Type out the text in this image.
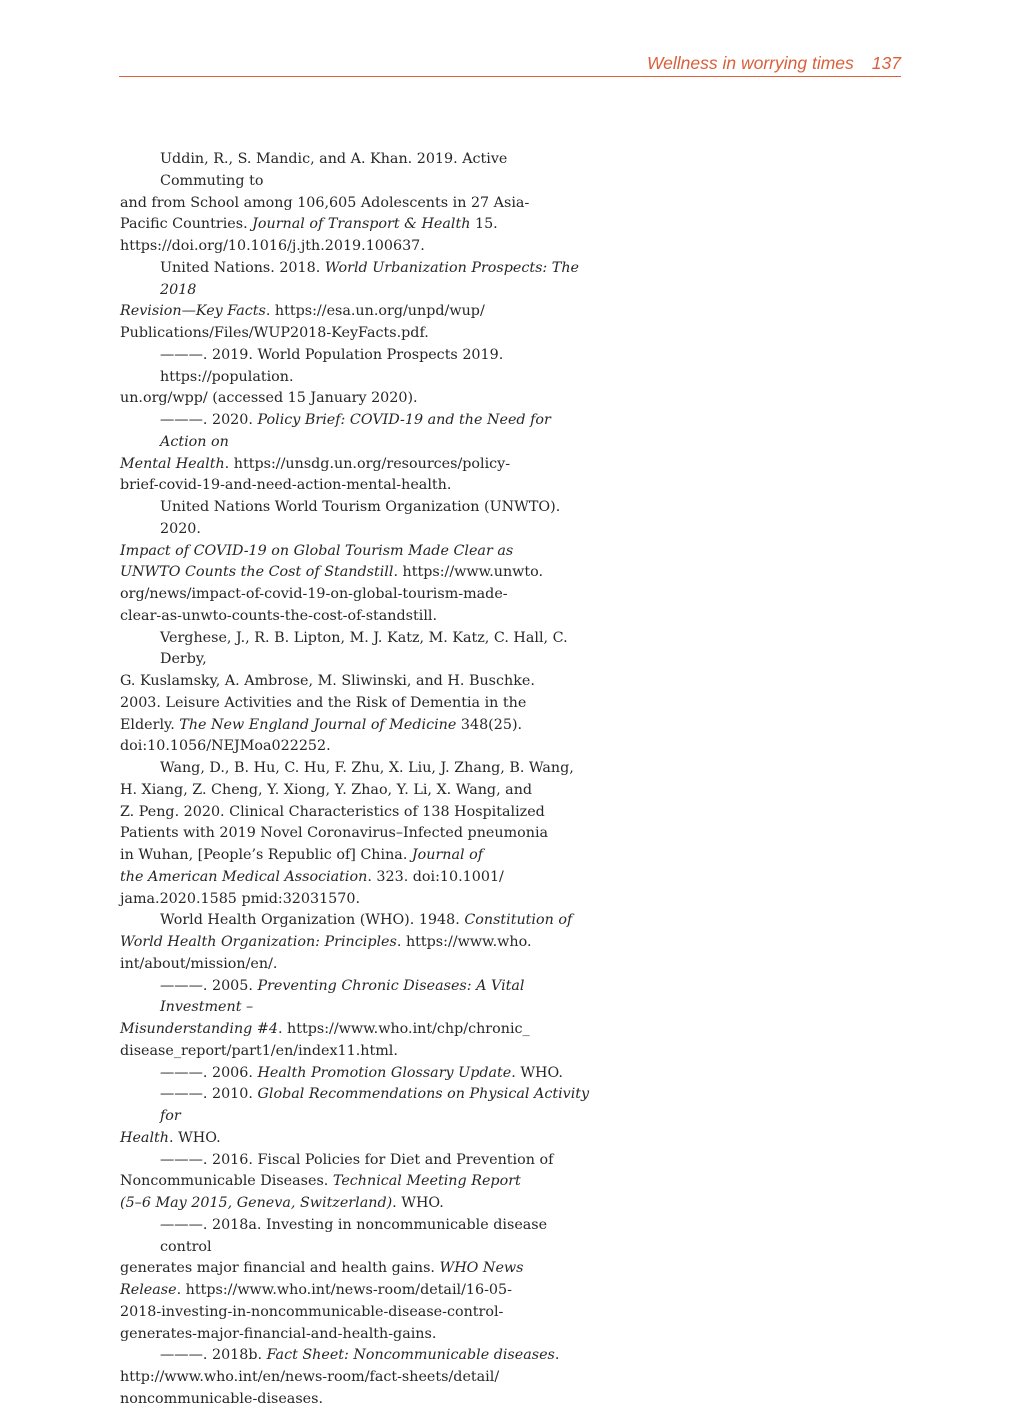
Wellness in worrying times 137
Uddin, R., S. Mandic, and A. Khan. 2019. Active Commuting to
and from School among 106,605 Adolescents in 27 Asia-
Pacific Countries. Journal of Transport & Health 15.
https://doi.org/10.1016/j.jth.2019.100637.
United Nations. 2018. World Urbanization Prospects: The 2018
Revision—Key Facts. https://esa.un.org/unpd/wup/
Publications/Files/WUP2018-KeyFacts.pdf.
———. 2019. World Population Prospects 2019. https://population.
un.org/wpp/ (accessed 15 January 2020).
———. 2020. Policy Brief: COVID-19 and the Need for Action on
Mental Health. https://unsdg.un.org/resources/policy-
brief-covid-19-and-need-action-mental-health.
United Nations World Tourism Organization (UNWTO). 2020.
Impact of COVID-19 on Global Tourism Made Clear as
UNWTO Counts the Cost of Standstill. https://www.unwto.
org/news/impact-of-covid-19-on-global-tourism-made-
clear-as-unwto-counts-the-cost-of-standstill.
Verghese, J., R. B. Lipton, M. J. Katz, M. Katz, C. Hall, C. Derby,
G. Kuslamsky, A. Ambrose, M. Sliwinski, and H. Buschke.
2003. Leisure Activities and the Risk of Dementia in the
Elderly. The New England Journal of Medicine 348(25).
doi:10.1056/NEJMoa022252.
Wang, D., B. Hu, C. Hu, F. Zhu, X. Liu, J. Zhang, B. Wang,
H. Xiang, Z. Cheng, Y. Xiong, Y. Zhao, Y. Li, X. Wang, and
Z. Peng. 2020. Clinical Characteristics of 138 Hospitalized
Patients with 2019 Novel Coronavirus–Infected pneumonia
in Wuhan, [People’s Republic of] China. Journal of
the American Medical Association. 323. doi:10.1001/
jama.2020.1585 pmid:32031570.
World Health Organization (WHO). 1948. Constitution of
World Health Organization: Principles. https://www.who.
int/about/mission/en/.
———. 2005. Preventing Chronic Diseases: A Vital Investment –
Misunderstanding #4. https://www.who.int/chp/chronic_
disease_report/part1/en/index11.html.
———. 2006. Health Promotion Glossary Update. WHO.
———. 2010. Global Recommendations on Physical Activity for
Health. WHO.
———. 2016. Fiscal Policies for Diet and Prevention of
Noncommunicable Diseases. Technical Meeting Report
(5–6 May 2015, Geneva, Switzerland). WHO.
———. 2018a. Investing in noncommunicable disease control
generates major financial and health gains. WHO News
Release. https://www.who.int/news-room/detail/16-05-
2018-investing-in-noncommunicable-disease-control-
generates-major-financial-and-health-gains.
———. 2018b. Fact Sheet: Noncommunicable diseases.
http://www.who.int/en/news-room/fact-sheets/detail/
noncommunicable-diseases.
